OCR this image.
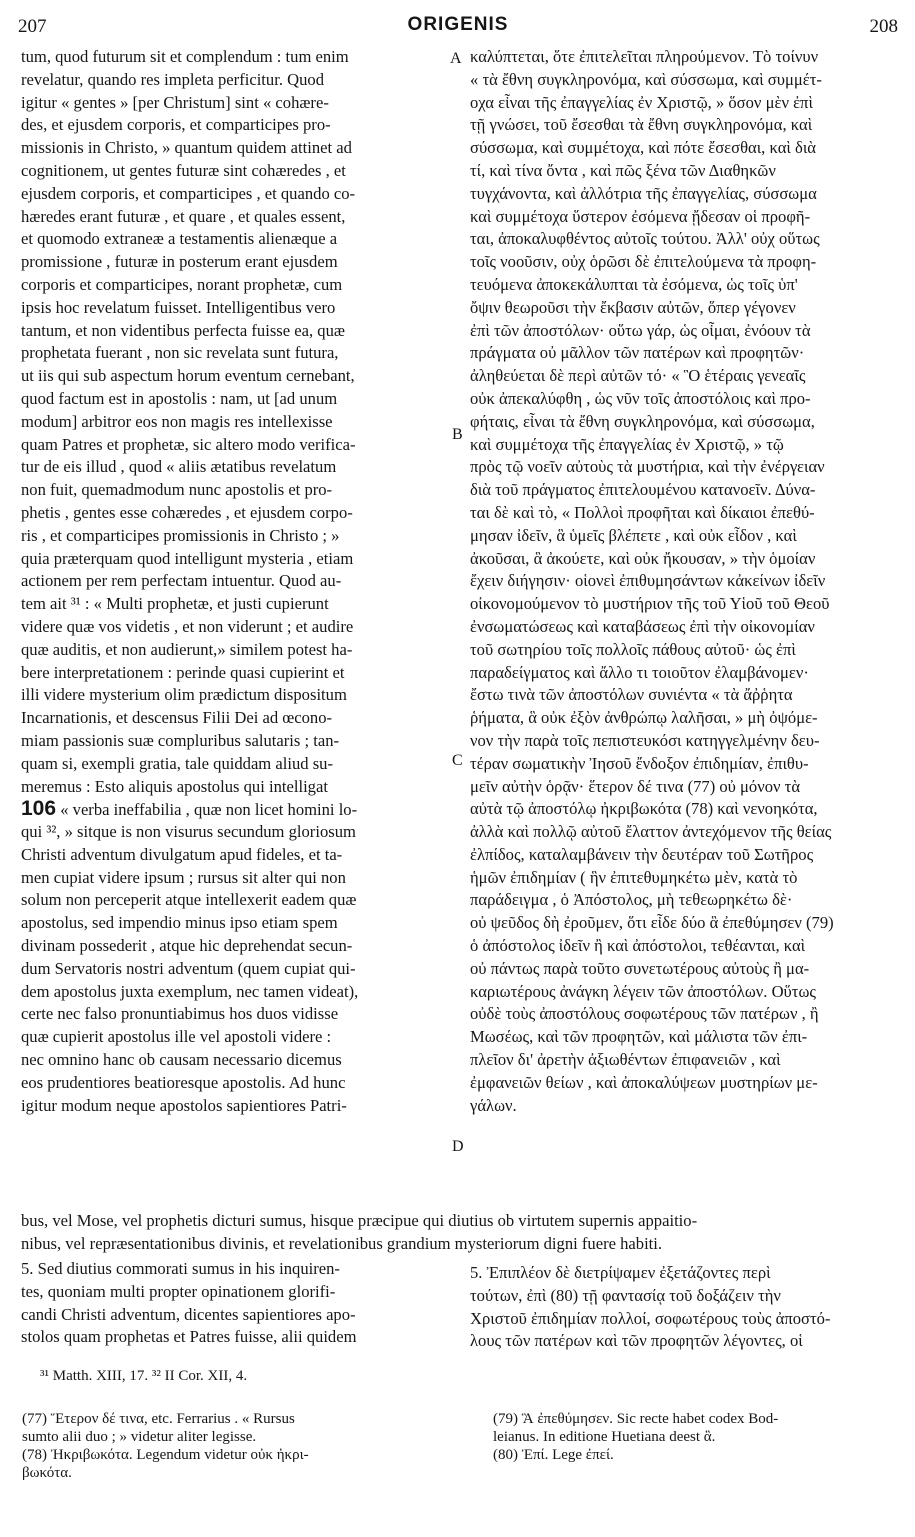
207	ORIGENIS	208
tum, quod futurum sit et complendum : tum enim
revelatur, quando res impleta perficitur. Quod
igitur « gentes » [per Christum] sint « cohære-
des, et ejusdem corporis, et comparticipes pro-
missionis in Christo, » quantum quidem attinet ad
cognitionem, ut gentes futuræ sint cohæredes , et
ejusdem corporis, et comparticipes , et quando co-
hæredes erant futuræ , et quare , et quales essent,
et quomodo extraneæ a testamentis alienæque a
promissione , futuræ in posterum erant ejusdem
corporis et comparticipes, norant prophetæ, cum
ipsis hoc revelatum fuisset. Intelligentibus vero
tantum, et non videntibus perfecta fuisse ea, quæ
prophetata fuerant , non sic revelata sunt futura,
ut iis qui sub aspectum horum eventum cernebant,
quod factum est in apostolis : nam, ut [ad unum
modum] arbitror eos non magis res intellexisse
quam Patres et prophetæ, sic altero modo verifica-
tur de eis illud , quod « aliis ætatibus revelatum
non fuit, quemadmodum nunc apostolis et pro-
phetis , gentes esse cohæredes , et ejusdem corpo-
ris , et comparticipes promissionis in Christo ; »
quia præterquam quod intelligunt mysteria , etiam
actionem per rem perfectam intuentur. Quod au-
tem ait ³¹ : « Multi prophetæ, et justi cupierunt
videre quæ vos videtis , et non viderunt ; et audire
quæ auditis, et non audierunt,» similem potest ha-
bere interpretationem : perinde quasi cupierint et
illi videre mysterium olim prædictum dispositum
Incarnationis, et descensus Filii Dei ad œcono-
miam passionis suæ compluribus salutaris ; tan-
quam si, exempli gratia, tale quiddam aliud su-
meremus : Esto aliquis apostolus qui intelligat
106 « verba ineffabilia , quæ non licet homini lo-
qui ³², » sitque is non visurus secundum gloriosum
Christi adventum divulgatum apud fideles, et ta-
men cupiat videre ipsum ; rursus sit alter qui non
solum non perceperit atque intellexerit eadem quæ
apostolus, sed impendio minus ipso etiam spem
divinam possederit , atque hic deprehendat secun-
dum Servatoris nostri adventum (quem cupiat qui-
dem apostolus juxta exemplum, nec tamen videat),
certe nec falso pronuntiabimus hos duos vidisse
quæ cupierit apostolus ille vel apostoli videre :
nec omnino hanc ob causam necessario dicemus
eos prudentiores beatioresque apostolis. Ad hunc
igitur modum neque apostolos sapientiores Patri-
καλύπτεται, ὅτε ἐπιτελεῖται πληρούμενον. Τὸ τοίνυν
« τὰ ἔθνη συγκληρονόμα, καὶ σύσσωμα, καὶ συμμέτ-
οχα εἶναι τῆς ἐπαγγελίας ἐν Χριστῷ, » ὅσον μὲν ἐπὶ
τῇ γνώσει, τοῦ ἔσεσθαι τὰ ἔθνη συγκληρονόμα, καὶ
σύσσωμα, καὶ συμμέτοχα, καὶ πότε ἔσεσθαι, καὶ διὰ
τί, καὶ τίνα ὄντα , καὶ πῶς ξένα τῶν Διαθηκῶν
τυγχάνοντα, καὶ ἀλλότρια τῆς ἐπαγγελίας, σύσσωμα
καὶ συμμέτοχα ὕστερον ἐσόμενα ᾔδεσαν οἱ προφῆ-
ται, ἀποκαλυφθέντος αὐτοῖς τούτου. Ἀλλ' οὐχ οὕτως
τοῖς νοοῦσιν, οὐχ ὁρῶσι δὲ ἐπιτελούμενα τὰ προφη-
τευόμενα ἀποκεκάλυπται τὰ ἐσόμενα, ὡς τοῖς ὑπ'
ὄψιν θεωροῦσι τὴν ἔκβασιν αὐτῶν, ὅπερ γέγονεν
ἐπὶ τῶν ἀποστόλων· οὕτω γάρ, ὡς οἶμαι, ἐνόουν τὰ
πράγματα οὐ μᾶλλον τῶν πατέρων καὶ προφητῶν·
ἀληθεύεται δὲ περὶ αὐτῶν τό· « Ὃ ἑτέραις γενεαῖς
οὐκ ἀπεκαλύφθη , ὡς νῦν τοῖς ἀποστόλοις καὶ προ-
φήταις, εἶναι τὰ ἔθνη συγκληρονόμα, καὶ σύσσωμα,
καὶ συμμέτοχα τῆς ἐπαγγελίας ἐν Χριστῷ, » τῷ
πρὸς τῷ νοεῖν αὐτοὺς τὰ μυστήρια, καὶ τὴν ἐνέργειαν
διὰ τοῦ πράγματος ἐπιτελουμένου κατανοεῖν. Δύνα-
ται δὲ καὶ τὸ, « Πολλοὶ προφῆται καὶ δίκαιοι ἐπεθύ-
μησαν ἰδεῖν, ἃ ὑμεῖς βλέπετε , καὶ οὐκ εἶδον , καὶ
ἀκοῦσαι, ἃ ἀκούετε, καὶ οὐκ ἤκουσαν, » τὴν ὁμοίαν
ἔχειν διήγησιν· οἱονεὶ ἐπιθυμησάντων κἀκείνων ἰδεῖν
οἰκονομούμενον τὸ μυστήριον τῆς τοῦ Υἱοῦ τοῦ Θεοῦ
ἐνσωματώσεως καὶ καταβάσεως ἐπὶ τὴν οἰκονομίαν
τοῦ σωτηρίου τοῖς πολλοῖς πάθους αὐτοῦ· ὡς ἐπὶ
παραδείγματος καὶ ἄλλο τι τοιοῦτον ἐλαμβάνομεν·
ἔστω τινὰ τῶν ἀποστόλων συνιέντα « τὰ ἄῤῥητα
ῥήματα, ἃ οὐκ ἐξὸν ἀνθρώπῳ λαλῆσαι, » μὴ ὀψόμε-
νον τὴν παρὰ τοῖς πεπιστευκόσι κατηγγελμένην δευ-
τέραν σωματικὴν Ἰησοῦ ἔνδοξον ἐπιδημίαν, ἐπιθυ-
μεῖν αὐτὴν ὁρᾷν· ἕτερον δέ τινα (77) οὐ μόνον τὰ
αὐτὰ τῷ ἀποστόλῳ ἠκριβωκότα (78) καὶ νενοηκότα,
ἀλλὰ καὶ πολλῷ αὐτοῦ ἔλαττον ἀντεχόμενον τῆς θείας
ἐλπίδος, καταλαμβάνειν τὴν δευτέραν τοῦ Σωτῆρος
ἡμῶν ἐπιδημίαν ( ἣν ἐπιτεθυμηκέτω μὲν, κατὰ τὸ
παράδειγμα , ὁ Ἀπόστολος, μὴ τεθεωρηκέτω δὲ·
οὐ ψεῦδος δὴ ἐροῦμεν, ὅτι εἶδε δύο ἃ ἐπεθύμησεν (79)
ὁ ἀπόστολος ἰδεῖν ἢ καὶ ἀπόστολοι, τεθέανται, καὶ
οὐ πάντως παρὰ τοῦτο συνετωτέρους αὐτοὺς ἢ μα-
καριωτέρους ἀνάγκη λέγειν τῶν ἀποστόλων. Οὕτως
οὐδὲ τοὺς ἀποστόλους σοφωτέρους τῶν πατέρων , ἢ
Μωσέως, καὶ τῶν προφητῶν, καὶ μάλιστα τῶν ἐπι-
πλεῖον δι' ἀρετὴν ἀξιωθέντων ἐπιφανειῶν , καὶ
ἐμφανειῶν θείων , καὶ ἀποκαλύψεων μυστηρίων με-
γάλων.
A
B
C
D
bus, vel Mose, vel prophetis dicturi sumus, hisque præcipue qui diutius ob virtutem supernis appaitio-
nibus, vel repræsentationibus divinis, et revelationibus grandium mysteriorum digni fuere habiti.
5. Sed diutius commorati sumus in his inquiren-
tes, quoniam multi propter opinationem glorifi-
candi Christi adventum, dicentes sapientiores apo-
stolos quam prophetas et Patres fuisse, alii quidem
5. Ἐπιπλέον δὲ διετρίψαμεν ἐξετάζοντες περὶ
τούτων, ἐπὶ (80) τῇ φαντασίᾳ τοῦ δοξάζειν τὴν
Χριστοῦ ἐπιδημίαν πολλοί, σοφωτέρους τοὺς ἀποστό-
λους τῶν πατέρων καὶ τῶν προφητῶν λέγοντες, οἱ
³¹ Matth. XIII, 17. ³² II Cor. XII, 4.
(77) Ἕτερον δέ τινα, etc. Ferrarius . « Rursus
sumto alii duo ; » videtur aliter legisse.
(78) Ἠκριβωκότα. Legendum videtur οὐκ ἠκρι-
βωκότα.
(79) Ἃ ἐπεθύμησεν. Sic recte habet codex Bod-
leianus. In editione Huetiana deest ἃ.
(80) Ἐπί. Lege ἐπεί.
